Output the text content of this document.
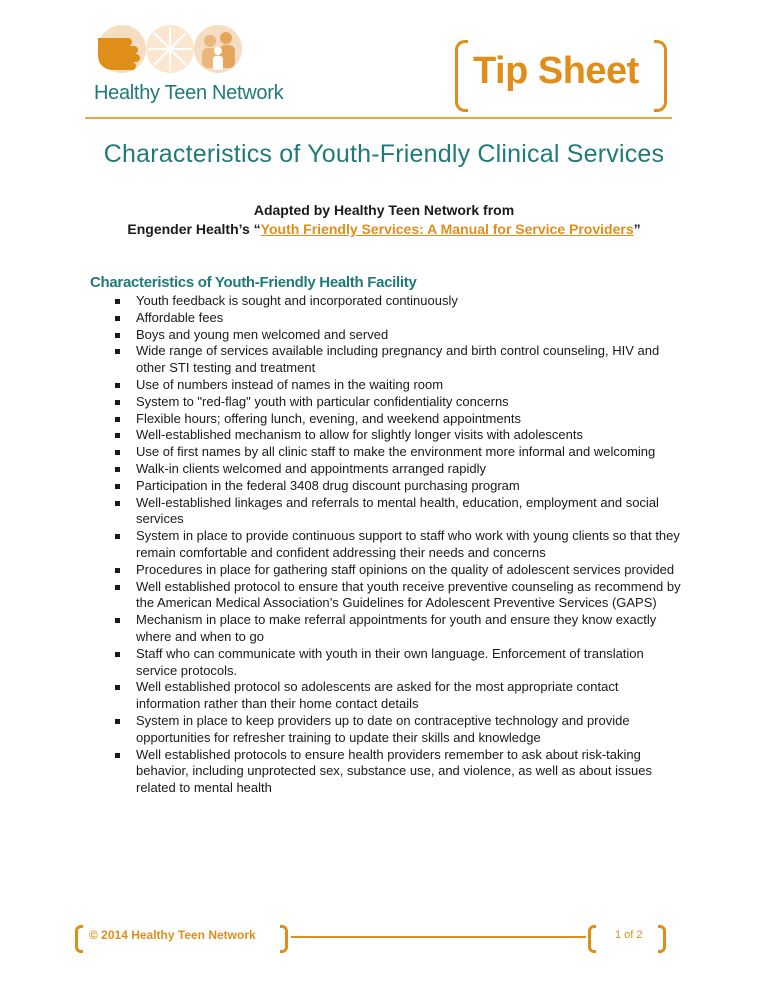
Healthy Teen Network
Tip Sheet
Characteristics of Youth-Friendly Clinical Services
Adapted by Healthy Teen Network from
Engender Health’s “Youth Friendly Services: A Manual for Service Providers”
Characteristics of Youth-Friendly Health Facility
Youth feedback is sought and incorporated continuously
Affordable fees
Boys and young men welcomed and served
Wide range of services available including pregnancy and birth control counseling, HIV and other STI testing and treatment
Use of numbers instead of names in the waiting room
System to "red-flag" youth with particular confidentiality concerns
Flexible hours; offering lunch, evening, and weekend appointments
Well-established mechanism to allow for slightly longer visits with adolescents
Use of first names by all clinic staff to make the environment more informal and welcoming
Walk-in clients welcomed and appointments arranged rapidly
Participation in the federal 3408 drug discount purchasing program
Well-established linkages and referrals to mental health, education, employment and social services
System in place to provide continuous support to staff who work with young clients so that they remain comfortable and confident addressing their needs and concerns
Procedures in place for gathering staff opinions on the quality of adolescent services provided
Well established protocol to ensure that youth receive preventive counseling as recommend by the American Medical Association’s Guidelines for Adolescent Preventive Services (GAPS)
Mechanism in place to make referral appointments for youth and ensure they know exactly where and when to go
Staff who can communicate with youth in their own language. Enforcement of translation service protocols.
Well established protocol so adolescents are asked for the most appropriate contact information rather than their home contact details
System in place to keep providers up to date on contraceptive technology and provide opportunities for refresher training to update their skills and knowledge
Well established protocols to ensure health providers remember to ask about risk-taking behavior, including unprotected sex, substance use, and violence, as well as about issues related to mental health
© 2014 Healthy Teen Network	1 of 2
